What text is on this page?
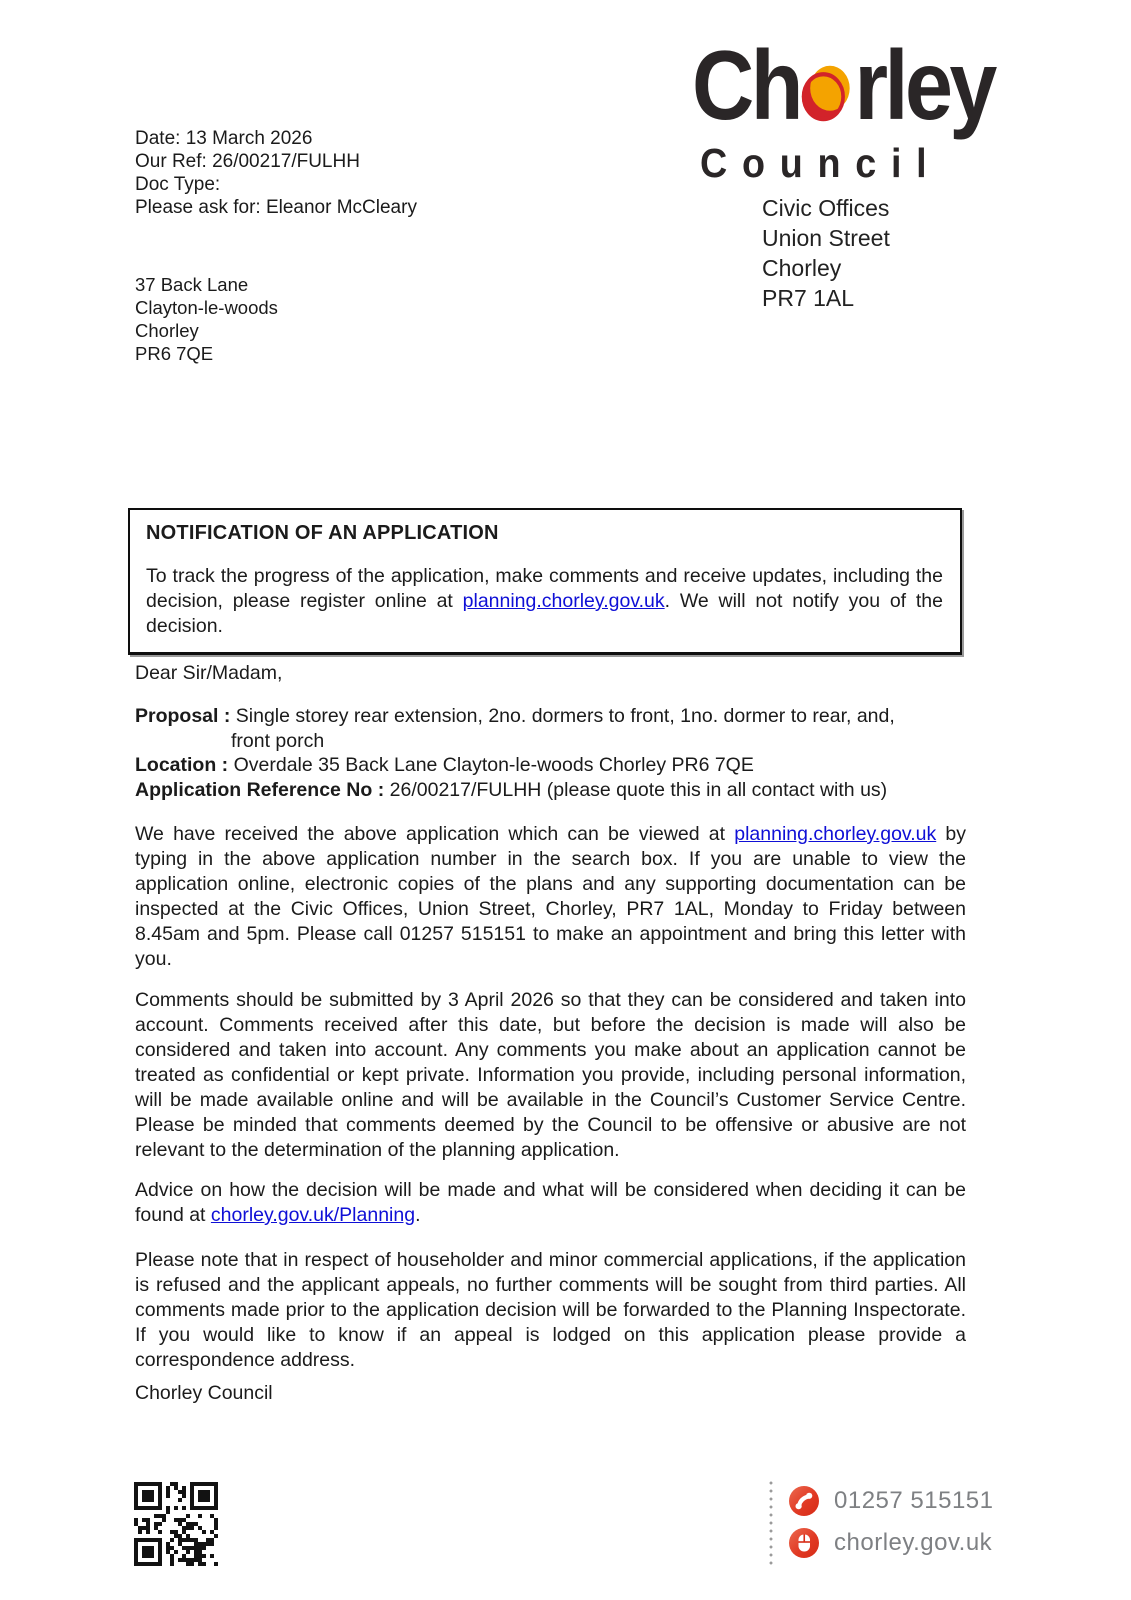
Date: 13 March 2026
Our Ref: 26/00217/FULHH
Doc Type:
Please ask for: Eleanor McCleary
37 Back Lane
Clayton-le-woods
Chorley
PR6 7QE
Ch rley
Council
Civic Offices
Union Street
Chorley
PR7 1AL
NOTIFICATION OF AN APPLICATION

To track the progress of the application, make comments and receive updates, including the decision, please register online at planning.chorley.gov.uk. We will not notify you of the decision.

Dear Sir/Madam,
Proposal : Single storey rear extension, 2no. dormers to front, 1no. dormer to rear, and,
front porch
Location : Overdale 35 Back Lane Clayton-le-woods Chorley PR6 7QE
Application Reference No : 26/00217/FULHH (please quote this in all contact with us)

We have received the above application which can be viewed at planning.chorley.gov.uk by typing in the above application number in the search box. If you are unable to view the application online, electronic copies of the plans and any supporting documentation can be inspected at the Civic Offices, Union Street, Chorley, PR7 1AL, Monday to Friday between 8.45am and 5pm. Please call 01257 515151 to make an appointment and bring this letter with you.

Comments should be submitted by 3 April 2026 so that they can be considered and taken into account. Comments received after this date, but before the decision is made will also be considered and taken into account. Any comments you make about an application cannot be treated as confidential or kept private. Information you provide, including personal information, will be made available online and will be available in the Council’s Customer Service Centre. Please be minded that comments deemed by the Council to be offensive or abusive are not relevant to the determination of the planning application.

Advice on how the decision will be made and what will be considered when deciding it can be found at chorley.gov.uk/Planning.

Please note that in respect of householder and minor commercial applications, if the application is refused and the applicant appeals, no further comments will be sought from third parties. All comments made prior to the application decision will be forwarded to the Planning Inspectorate. If you would like to know if an appeal is lodged on this application please provide a correspondence address.

Chorley Council
01257 515151
chorley.gov.uk
